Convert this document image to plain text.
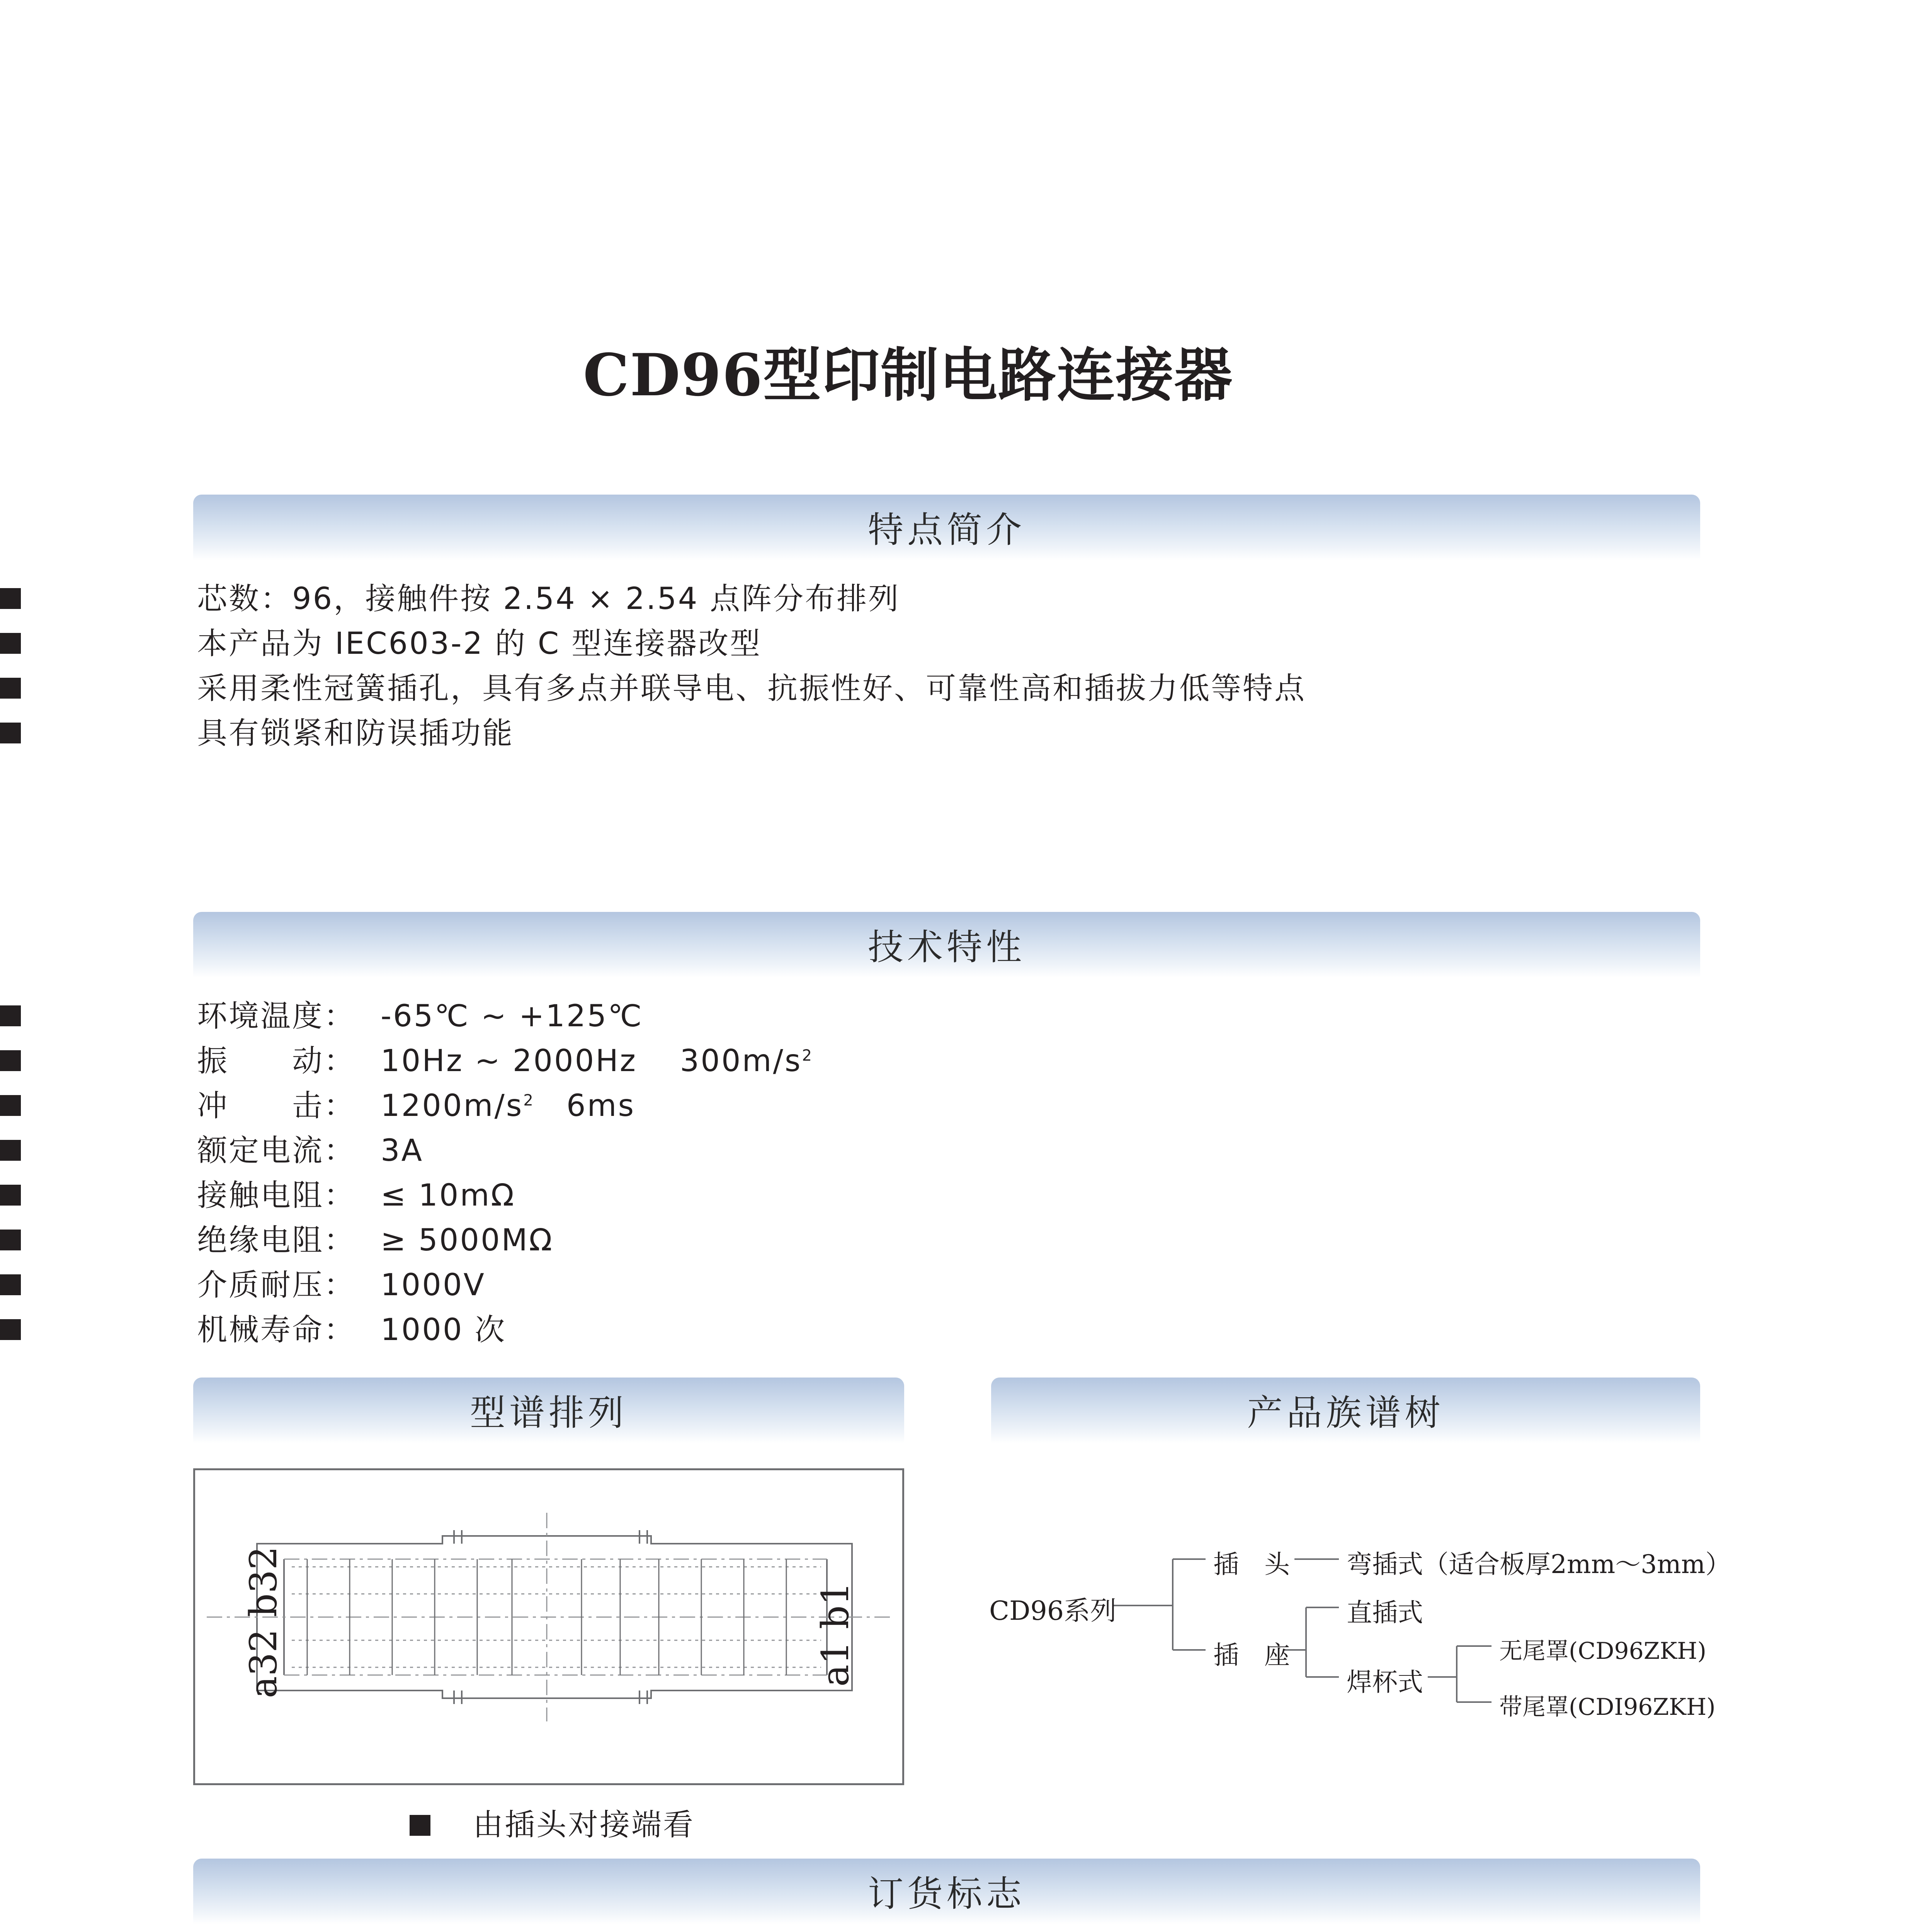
CD96型印制电路连接器
特点简介
芯数：96，接触件按 2.54 × 2.54 点阵分布排列
本产品为 IEC603-2 的 C 型连接器改型
采用柔性冠簧插孔，具有多点并联导电、抗振性好、可靠性高和插拔力低等特点
具有锁紧和防误插功能
技术特性
环境温度： -65℃ ~ +125℃
振　　动： 10Hz ~ 2000Hz　 $300m/s^2$
冲　　击： $1200m/s^2$　6ms
额定电流： 3A
接触电阻： ≤ 10mΩ
绝缘电阻： ≥ 5000MΩ
介质耐压： 1000V
机械寿命： 1000 次
型谱排列
a32 b32	a1 b1
由插头对接端看
产品族谱树
CD96系列
插　头 弯插式（适合板厚2mm～3mm）
插　座
直插式
焊杯式
无尾罩(CD96ZKH)
带尾罩(CDI96ZKH)
订货标志
